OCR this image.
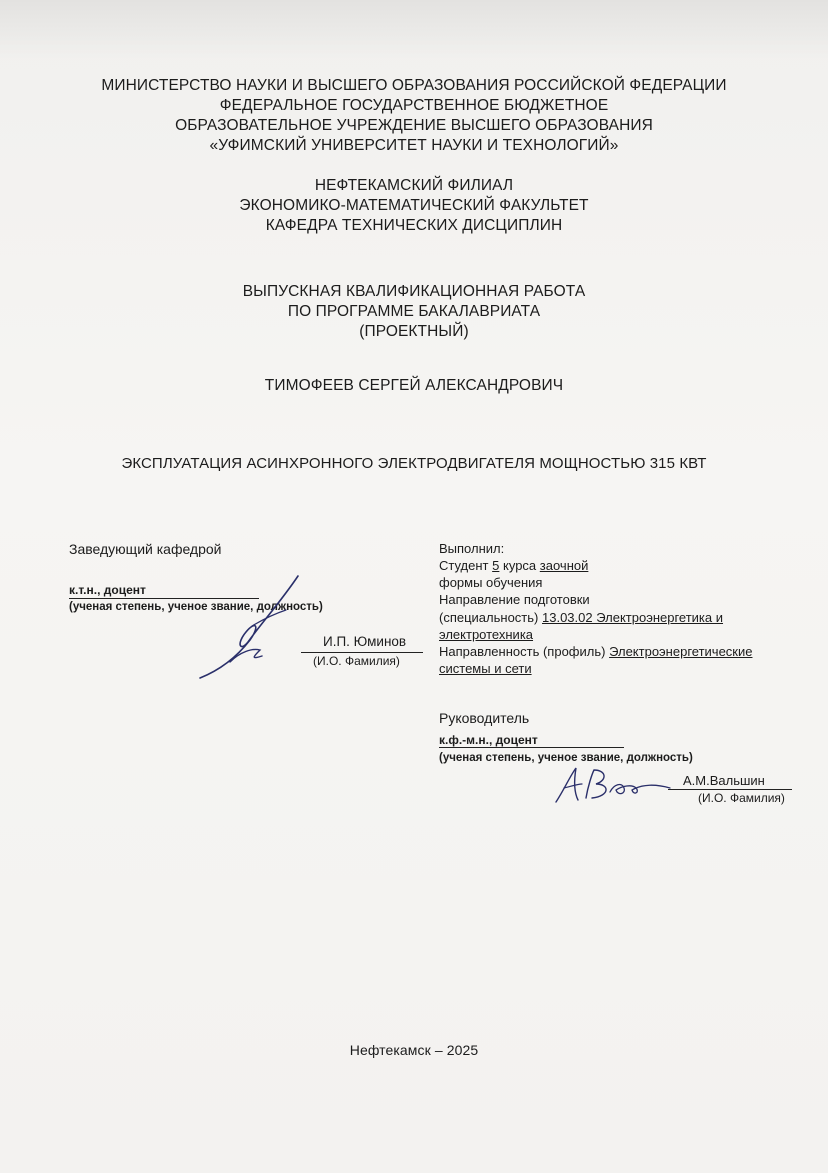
МИНИСТЕРСТВО НАУКИ И ВЫСШЕГО ОБРАЗОВАНИЯ РОССИЙСКОЙ ФЕДЕРАЦИИ
ФЕДЕРАЛЬНОЕ ГОСУДАРСТВЕННОЕ БЮДЖЕТНОЕ
ОБРАЗОВАТЕЛЬНОЕ УЧРЕЖДЕНИЕ ВЫСШЕГО ОБРАЗОВАНИЯ
«УФИМСКИЙ УНИВЕРСИТЕТ НАУКИ И ТЕХНОЛОГИЙ»
НЕФТЕКАМСКИЙ ФИЛИАЛ
ЭКОНОМИКО-МАТЕМАТИЧЕСКИЙ ФАКУЛЬТЕТ
КАФЕДРА ТЕХНИЧЕСКИХ ДИСЦИПЛИН
ВЫПУСКНАЯ КВАЛИФИКАЦИОННАЯ РАБОТА
ПО ПРОГРАММЕ БАКАЛАВРИАТА
(ПРОЕКТНЫЙ)
ТИМОФЕЕВ СЕРГЕЙ АЛЕКСАНДРОВИЧ
ЭКСПЛУАТАЦИЯ АСИНХРОННОГО ЭЛЕКТРОДВИГАТЕЛЯ МОЩНОСТЬЮ 315 КВТ
Заведующий кафедрой
к.т.н., доцент
(ученая степень, ученое звание, должность)
И.П. Юминов
(И.О. Фамилия)
Выполнил:
Студент 5 курса заочной
формы обучения
Направление подготовки
(специальность) 13.03.02 Электроэнергетика и
электротехника
Направленность (профиль) Электроэнергетические
системы и сети
Руководитель
к.ф.-м.н., доцент
(ученая степень, ученое звание, должность)
А.М.Вальшин
(И.О. Фамилия)
Нефтекамск – 2025
